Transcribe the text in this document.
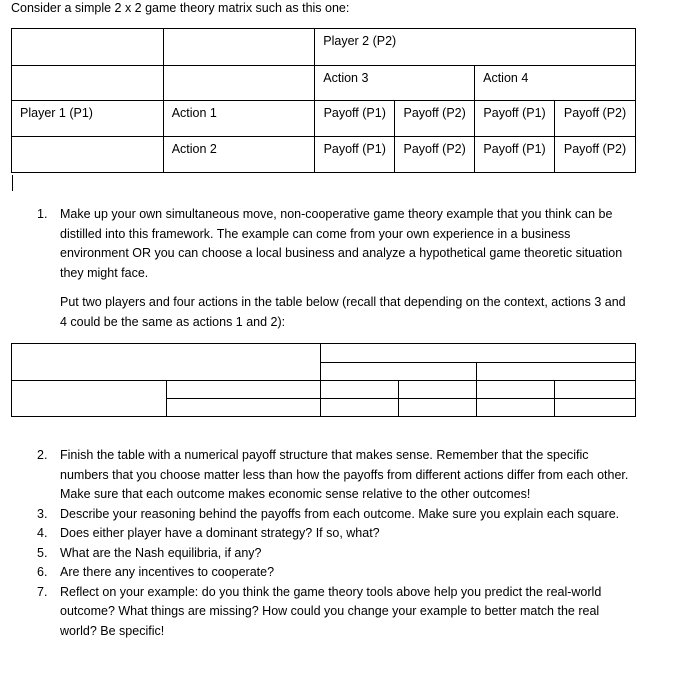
Consider a simple 2 x 2 game theory matrix such as this one:
		Player 2 (P2)			
		Action 3		Action 4	
Player 1 (P1)	Action 1	Payoff (P1)	Payoff (P2)	Payoff (P1)	Payoff (P2)
	Action 2	Payoff (P1)	Payoff (P2)	Payoff (P1)	Payoff (P2)
1. Make up your own simultaneous move, non-cooperative game theory example that you think can be distilled into this framework. The example can come from your own experience in a business environment OR you can choose a local business and analyze a hypothetical game theoretic situation they might face.
Put two players and four actions in the table below (recall that depending on the context, actions 3 and 4 could be the same as actions 1 and 2):

2. Finish the table with a numerical payoff structure that makes sense. Remember that the specific numbers that you choose matter less than how the payoffs from different actions differ from each other. Make sure that each outcome makes economic sense relative to the other outcomes!
3. Describe your reasoning behind the payoffs from each outcome. Make sure you explain each square.
4. Does either player have a dominant strategy? If so, what?
5. What are the Nash equilibria, if any?
6. Are there any incentives to cooperate?
7. Reflect on your example: do you think the game theory tools above help you predict the real-world outcome? What things are missing? How could you change your example to better match the real world? Be specific!
